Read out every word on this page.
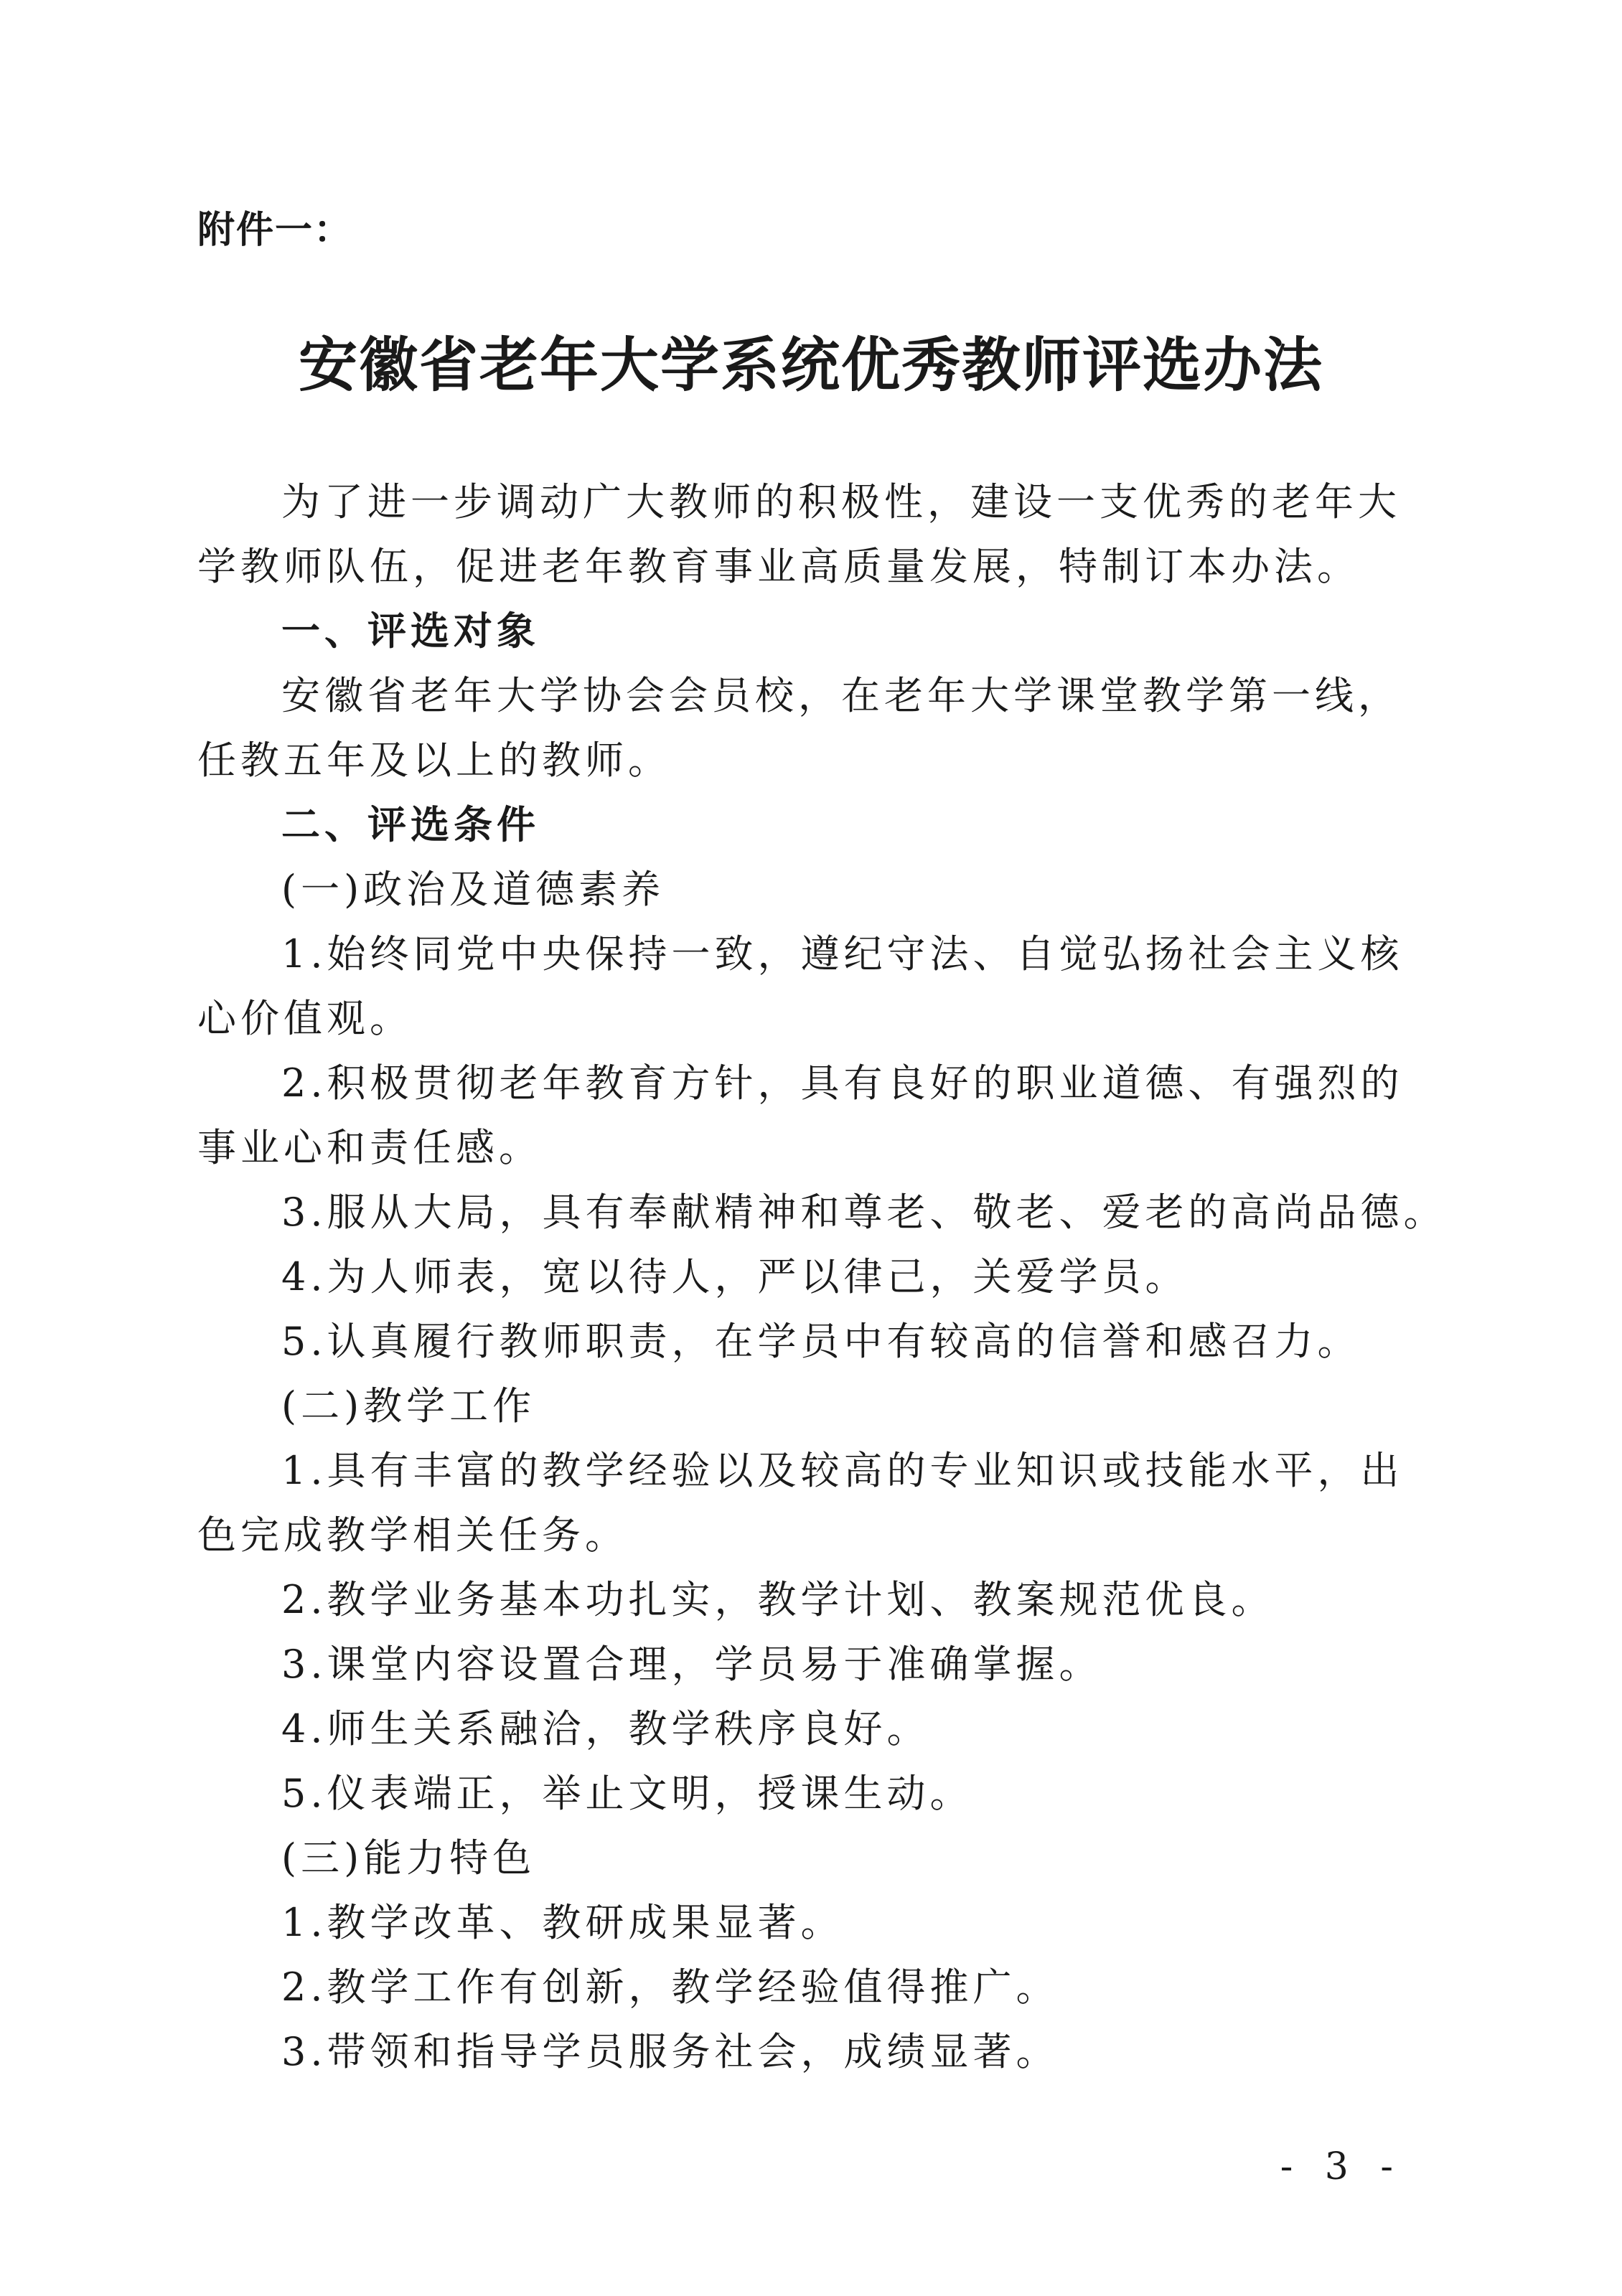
附件一：
安徽省老年大学系统优秀教师评选办法

为了进一步调动广大教师的积极性，建设一支优秀的老年大
学教师队伍，促进老年教育事业高质量发展，特制订本办法。

一、评选对象

安徽省老年大学协会会员校，在老年大学课堂教学第一线，
任教五年及以上的教师。

二、评选条件

(一)政治及道德素养

1.始终同党中央保持一致，遵纪守法、自觉弘扬社会主义核
心价值观。

2.积极贯彻老年教育方针，具有良好的职业道德、有强烈的
事业心和责任感。

3.服从大局，具有奉献精神和尊老、敬老、爱老的高尚品德。

4.为人师表，宽以待人，严以律己，关爱学员。

5.认真履行教师职责，在学员中有较高的信誉和感召力。

(二)教学工作

1.具有丰富的教学经验以及较高的专业知识或技能水平，出
色完成教学相关任务。

2.教学业务基本功扎实，教学计划、教案规范优良。

3.课堂内容设置合理，学员易于准确掌握。

4.师生关系融洽，教学秩序良好。

5.仪表端正，举止文明，授课生动。

(三)能力特色

1.教学改革、教研成果显著。

2.教学工作有创新，教学经验值得推广。

3.带领和指导学员服务社会，成绩显著。

- 3 -
